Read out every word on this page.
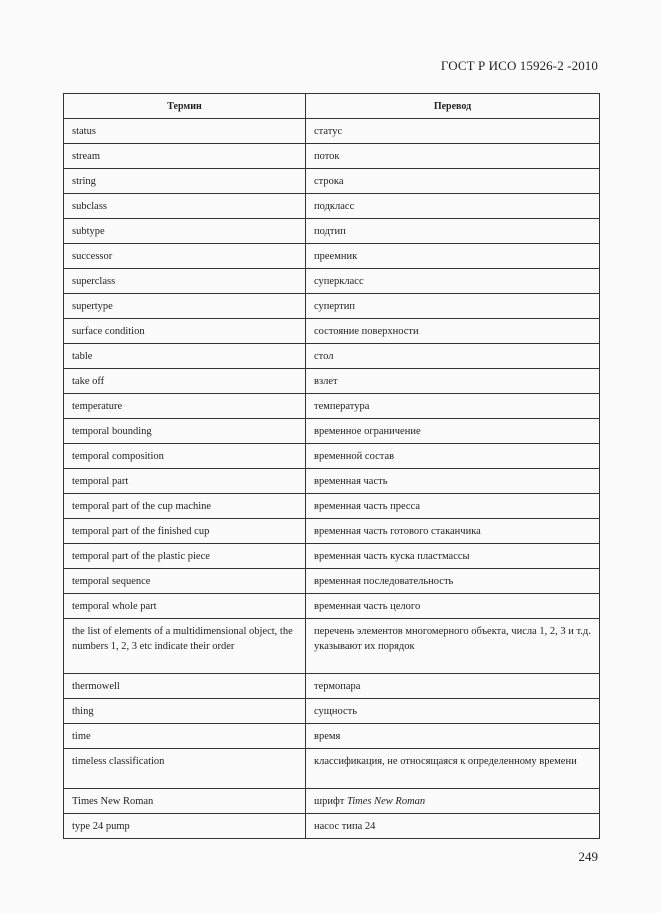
ГОСТ Р ИСО 15926-2 -2010
Термин	Перевод
status	статус
stream	поток
string	строка
subclass	подкласс
subtype	подтип
successor	преемник
superclass	суперкласс
supertype	супертип
surface condition	состояние поверхности
table	стол
take off	взлет
temperature	температура
temporal bounding	временное ограничение
temporal composition	временной состав
temporal part	временная часть
temporal part of the cup machine	временная часть пресса
temporal part of the finished cup	временная часть готового стаканчика
temporal part of the plastic piece	временная часть куска пластмассы
temporal sequence	временная последовательность
temporal whole part	временная часть целого
the list of elements of a multidimensional object, the numbers 1, 2, 3 etc indicate their order	перечень элементов многомерного объекта, числа 1, 2, 3 и т.д. указывают их порядок
thermowell	термопара
thing	сущность
time	время
timeless classification	классификация, не относящаяся к определенному времени
Times New Roman	шрифт Times New Roman
type 24 pump	насос типа 24
249
